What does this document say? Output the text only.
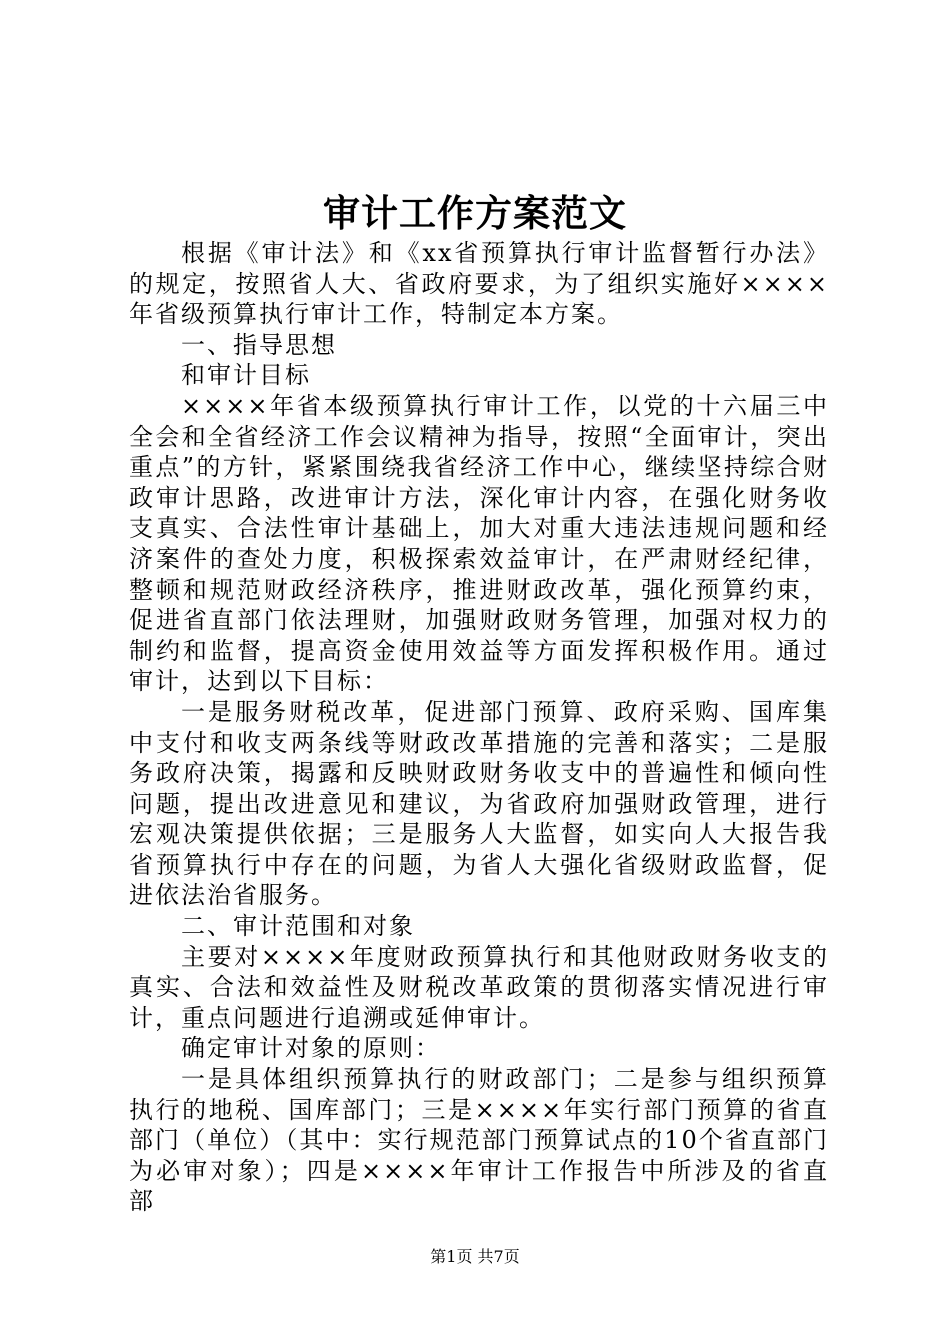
审计工作方案范文

根据《审计法》和《xx省预算执行审计监督暂行办法》的规定，按照省人大、省政府要求，为了组织实施好××××年省级预算执行审计工作，特制定本方案。

一、指导思想

和审计目标

××××年省本级预算执行审计工作，以党的十六届三中全会和全省经济工作会议精神为指导，按照“全面审计，突出重点”的方针，紧紧围绕我省经济工作中心，继续坚持综合财政审计思路，改进审计方法，深化审计内容，在强化财务收支真实、合法性审计基础上，加大对重大违法违规问题和经济案件的查处力度，积极探索效益审计，在严肃财经纪律，整顿和规范财政经济秩序，推进财政改革，强化预算约束，促进省直部门依法理财，加强财政财务管理，加强对权力的制约和监督，提高资金使用效益等方面发挥积极作用。通过审计，达到以下目标：

一是服务财税改革，促进部门预算、政府采购、国库集中支付和收支两条线等财政改革措施的完善和落实；二是服务政府决策，揭露和反映财政财务收支中的普遍性和倾向性问题，提出改进意见和建议，为省政府加强财政管理，进行宏观决策提供依据；三是服务人大监督，如实向人大报告我省预算执行中存在的问题，为省人大强化省级财政监督，促进依法治省服务。

二、审计范围和对象

主要对××××年度财政预算执行和其他财政财务收支的真实、合法和效益性及财税改革政策的贯彻落实情况进行审计，重点问题进行追溯或延伸审计。

确定审计对象的原则：

一是具体组织预算执行的财政部门；二是参与组织预算执行的地税、国库部门；三是××××年实行部门预算的省直部门（单位）（其中：实行规范部门预算试点的10个省直部门为必审对象）；四是××××年审计工作报告中所涉及的省直部

第1页 共7页
